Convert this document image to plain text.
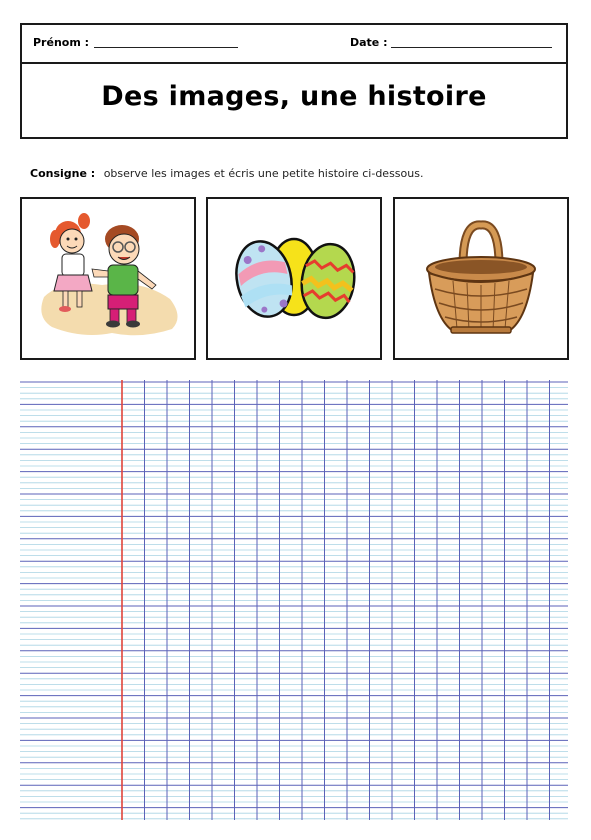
Prénom :	Date :
Des images, une histoire
Consigne : observe les images et écris une petite histoire ci-dessous.
